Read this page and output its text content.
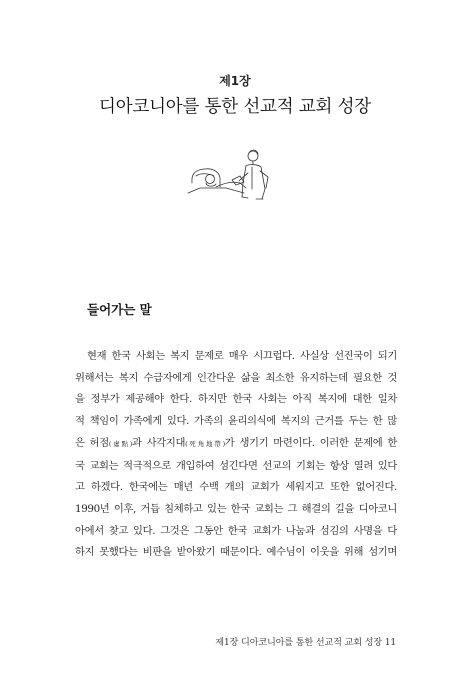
제1장
디아코니아를 통한 선교적 교회 성장
들어가는 말
현재 한국 사회는 복지 문제로 매우 시끄럽다. 사실상 선진국이 되기
위해서는 복지 수급자에게 인간다운 삶을 최소한 유지하는데 필요한 것
을 정부가 제공해야 한다. 하지만 한국 사회는 아직 복지에 대한 일차
적 책임이 가족에게 있다. 가족의 윤리의식에 복지의 근거를 두는 한 많
은 허점(虛點)과 사각지대(死角地帶)가 생기기 마련이다. 이러한 문제에 한
국 교회는 적극적으로 개입하여 섬긴다면 선교의 기회는 항상 열려 있다
고 하겠다. 한국에는 매년 수백 개의 교회가 세워지고 또한 없어진다.
1990년 이후, 거듭 침체하고 있는 한국 교회는 그 해결의 길을 디아코니
아에서 찾고 있다. 그것은 그동안 한국 교회가 나눔과 섬김의 사명을 다
하지 못했다는 비판을 받아왔기 때문이다. 예수님이 이웃을 위해 섬기며
제1장 디아코니아를 통한 선교적 교회 성장 11
